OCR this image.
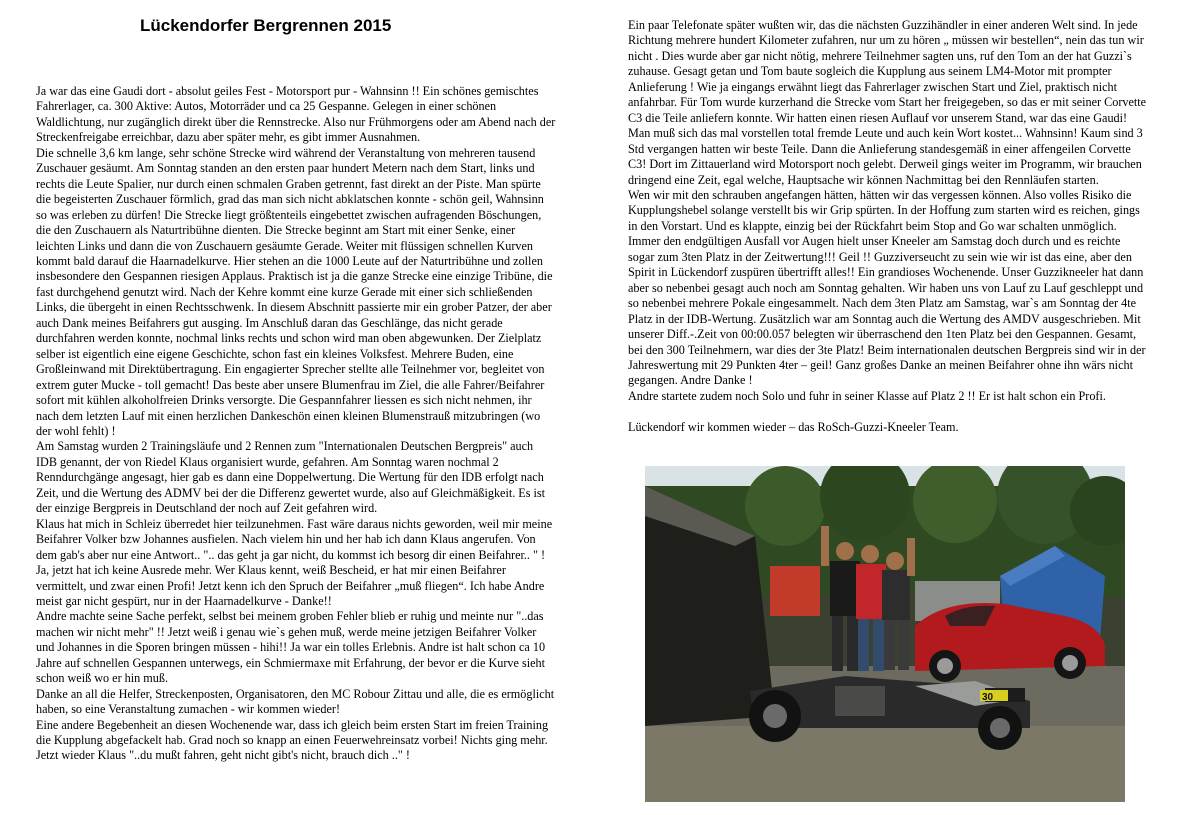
Lückendorfer Bergrennen 2015
Ja war das eine Gaudi dort - absolut geiles Fest - Motorsport pur - Wahnsinn !! Ein schönes gemischtes Fahrerlager, ca. 300 Aktive: Autos, Motorräder und ca 25 Gespanne. Gelegen in einer schönen Waldlichtung, nur zugänglich direkt über die Rennstrecke. Also nur Frühmorgens oder am Abend nach der Streckenfreigabe erreichbar, dazu aber später mehr, es gibt immer Ausnahmen.
Die schnelle 3,6 km lange, sehr schöne Strecke wird während der Veranstaltung von mehreren tausend Zuschauer gesäumt. Am Sonntag standen an den ersten paar hundert Metern nach dem Start, links und rechts die Leute Spalier, nur durch einen schmalen Graben getrennt, fast direkt an der Piste. Man spürte die begeisterten Zuschauer förmlich, grad das man sich nicht abklatschen konnte - schön geil, Wahnsinn so was erleben zu dürfen! Die Strecke liegt größtenteils eingebettet zwischen aufragenden Böschungen, die den Zuschauern als Naturtribühne dienten. Die Strecke beginnt am Start mit einer Senke, einer leichten Links und dann die von Zuschauern gesäumte Gerade. Weiter mit flüssigen schnellen Kurven kommt bald darauf die Haarnadelkurve. Hier stehen an die 1000 Leute auf der Naturtribühne und zollen insbesondere den Gespannen riesigen Applaus. Praktisch ist ja die ganze Strecke eine einzige Tribüne, die fast durchgehend genutzt wird. Nach der Kehre kommt eine kurze Gerade mit einer sich schließenden Links, die übergeht in einen Rechtsschwenk. In diesem Abschnitt passierte mir ein grober Patzer, der aber auch Dank meines Beifahrers gut ausging. Im Anschluß daran das Geschlänge, das nicht gerade durchfahren werden konnte, nochmal links rechts und schon wird man oben abgewunken. Der Zielplatz selber ist eigentlich eine eigene Geschichte, schon fast ein kleines Volksfest. Mehrere Buden, eine Großleinwand mit Direktübertragung. Ein engagierter Sprecher stellte alle Teilnehmer vor, begleitet von extrem guter Mucke - toll gemacht! Das beste aber unsere Blumenfrau im Ziel, die alle Fahrer/Beifahrer sofort mit kühlen alkoholfreien Drinks versorgte. Die Gespannfahrer liessen es sich nicht nehmen, ihr nach dem letzten Lauf mit einen herzlichen Dankeschön einen kleinen Blumenstrauß mitzubringen (wo der wohl fehlt) !
Am Samstag wurden 2 Trainingsläufe und 2 Rennen zum "Internationalen Deutschen Bergpreis" auch IDB genannt, der von Riedel Klaus organisiert wurde, gefahren. Am Sonntag waren nochmal 2 Renndurchgänge angesagt, hier gab es dann eine Doppelwertung. Die Wertung für den IDB erfolgt nach Zeit, und die Wertung des ADMV bei der die Differenz gewertet wurde, also auf Gleichmäßigkeit. Es ist der einzige Bergpreis in Deutschland der noch auf Zeit gefahren wird.
Klaus hat mich in Schleiz überredet hier teilzunehmen. Fast wäre daraus nichts geworden, weil mir meine Beifahrer Volker bzw Johannes ausfielen. Nach vielem hin und her hab ich dann Klaus angerufen. Von dem gab's aber nur eine Antwort.. ".. das geht ja gar nicht, du kommst ich besorg dir einen Beifahrer.. " ! Ja, jetzt hat ich keine Ausrede mehr. Wer Klaus kennt, weiß Bescheid, er hat mir einen Beifahrer vermittelt, und zwar einen Profi! Jetzt kenn ich den Spruch der Beifahrer „muß fliegen“. Ich habe Andre meist gar nicht gespürt, nur in der Haarnadelkurve - Danke!!
Andre machte seine Sache perfekt, selbst bei meinem groben Fehler blieb er ruhig und meinte nur "..das machen wir nicht mehr" !! Jetzt weiß i genau wie`s gehen muß, werde meine jetzigen Beifahrer Volker und Johannes in die Sporen bringen müssen - hihi!! Ja war ein tolles Erlebnis. Andre ist halt schon ca 10 Jahre auf schnellen Gespannen unterwegs, ein Schmiermaxe mit Erfahrung, der bevor er die Kurve sieht schon weiß wo er hin muß.
Danke an all die Helfer, Streckenposten, Organisatoren, den MC Robour Zittau und alle, die es ermöglicht haben, so eine Veranstaltung zumachen - wir kommen wieder!
Eine andere Begebenheit an diesen Wochenende war, dass ich gleich beim ersten Start im freien Training die Kupplung abgefackelt hab. Grad noch so knapp an einen Feuerwehreinsatz vorbei! Nichts ging mehr. Jetzt wieder Klaus "..du mußt fahren, geht nicht gibt's nicht, brauch dich .." !
Ein paar Telefonate später wußten wir, das die nächsten Guzzihändler in einer anderen Welt sind. In jede Richtung mehrere hundert Kilometer zufahren, nur um zu hören „ müssen wir bestellen“, nein das tun wir nicht . Dies wurde aber gar nicht nötig, mehrere Teilnehmer sagten uns, ruf den Tom an der hat Guzzi`s zuhause. Gesagt getan und Tom baute sogleich die Kupplung aus seinem LM4-Motor mit prompter Anlieferung ! Wie ja eingangs erwähnt liegt das Fahrerlager zwischen Start und Ziel, praktisch nicht anfahrbar. Für Tom wurde kurzerhand die Strecke vom Start her freigegeben, so das er mit seiner Corvette C3 die Teile anliefern konnte. Wir hatten einen riesen Auflauf vor unserem Stand, war das eine Gaudi! Man muß sich das mal vorstellen total fremde Leute und auch kein Wort kostet... Wahnsinn! Kaum sind 3 Std vergangen hatten wir beste Teile. Dann die Anlieferung standesgemäß in einer affengeilen Corvette C3! Dort im Zittauerland wird Motorsport noch gelebt. Derweil gings weiter im Programm, wir brauchen dringend eine Zeit, egal welche, Hauptsache wir können Nachmittag bei den Rennläufen starten.
Wen wir mit den schrauben angefangen hätten, hätten wir das vergessen können. Also volles Risiko die Kupplungshebel solange verstellt bis wir Grip spürten. In der Hoffung zum starten wird es reichen, gings in den Vorstart. Und es klappte, einzig bei der Rückfahrt beim Stop and Go war schalten unmöglich. Immer den endgültigen Ausfall vor Augen hielt unser Kneeler am Samstag doch durch und es reichte sogar zum 3ten Platz in der Zeitwertung!!! Geil !! Guzziverseucht zu sein wie wir ist das eine, aber den Spirit in Lückendorf zuspüren übertrifft alles!! Ein grandioses Wochenende. Unser Guzzikneeler hat dann aber so nebenbei gesagt auch noch am Sonntag gehalten. Wir haben uns von Lauf zu Lauf geschleppt und so nebenbei mehrere Pokale eingesammelt. Nach dem 3ten Platz am Samstag, war`s am Sonntag der 4te Platz in der IDB-Wertung. Zusätzlich war am Sonntag auch die Wertung des AMDV ausgeschrieben. Mit unserer Diff.-.Zeit von 00:00.057 belegten wir überraschend den 1ten Platz bei den Gespannen. Gesamt, bei den 300 Teilnehmern, war dies der 3te Platz! Beim internationalen deutschen Bergpreis sind wir in der Jahreswertung mit 29 Punkten 4ter – geil! Ganz großes Danke an meinen Beifahrer ohne ihn wärs nicht gegangen. Andre Danke !
Andre startete zudem noch Solo und fuhr in seiner Klasse auf Platz 2 !! Er ist halt schon ein Profi.

Lückendorf wir kommen wieder – das RoSch-Guzzi-Kneeler Team.
30
